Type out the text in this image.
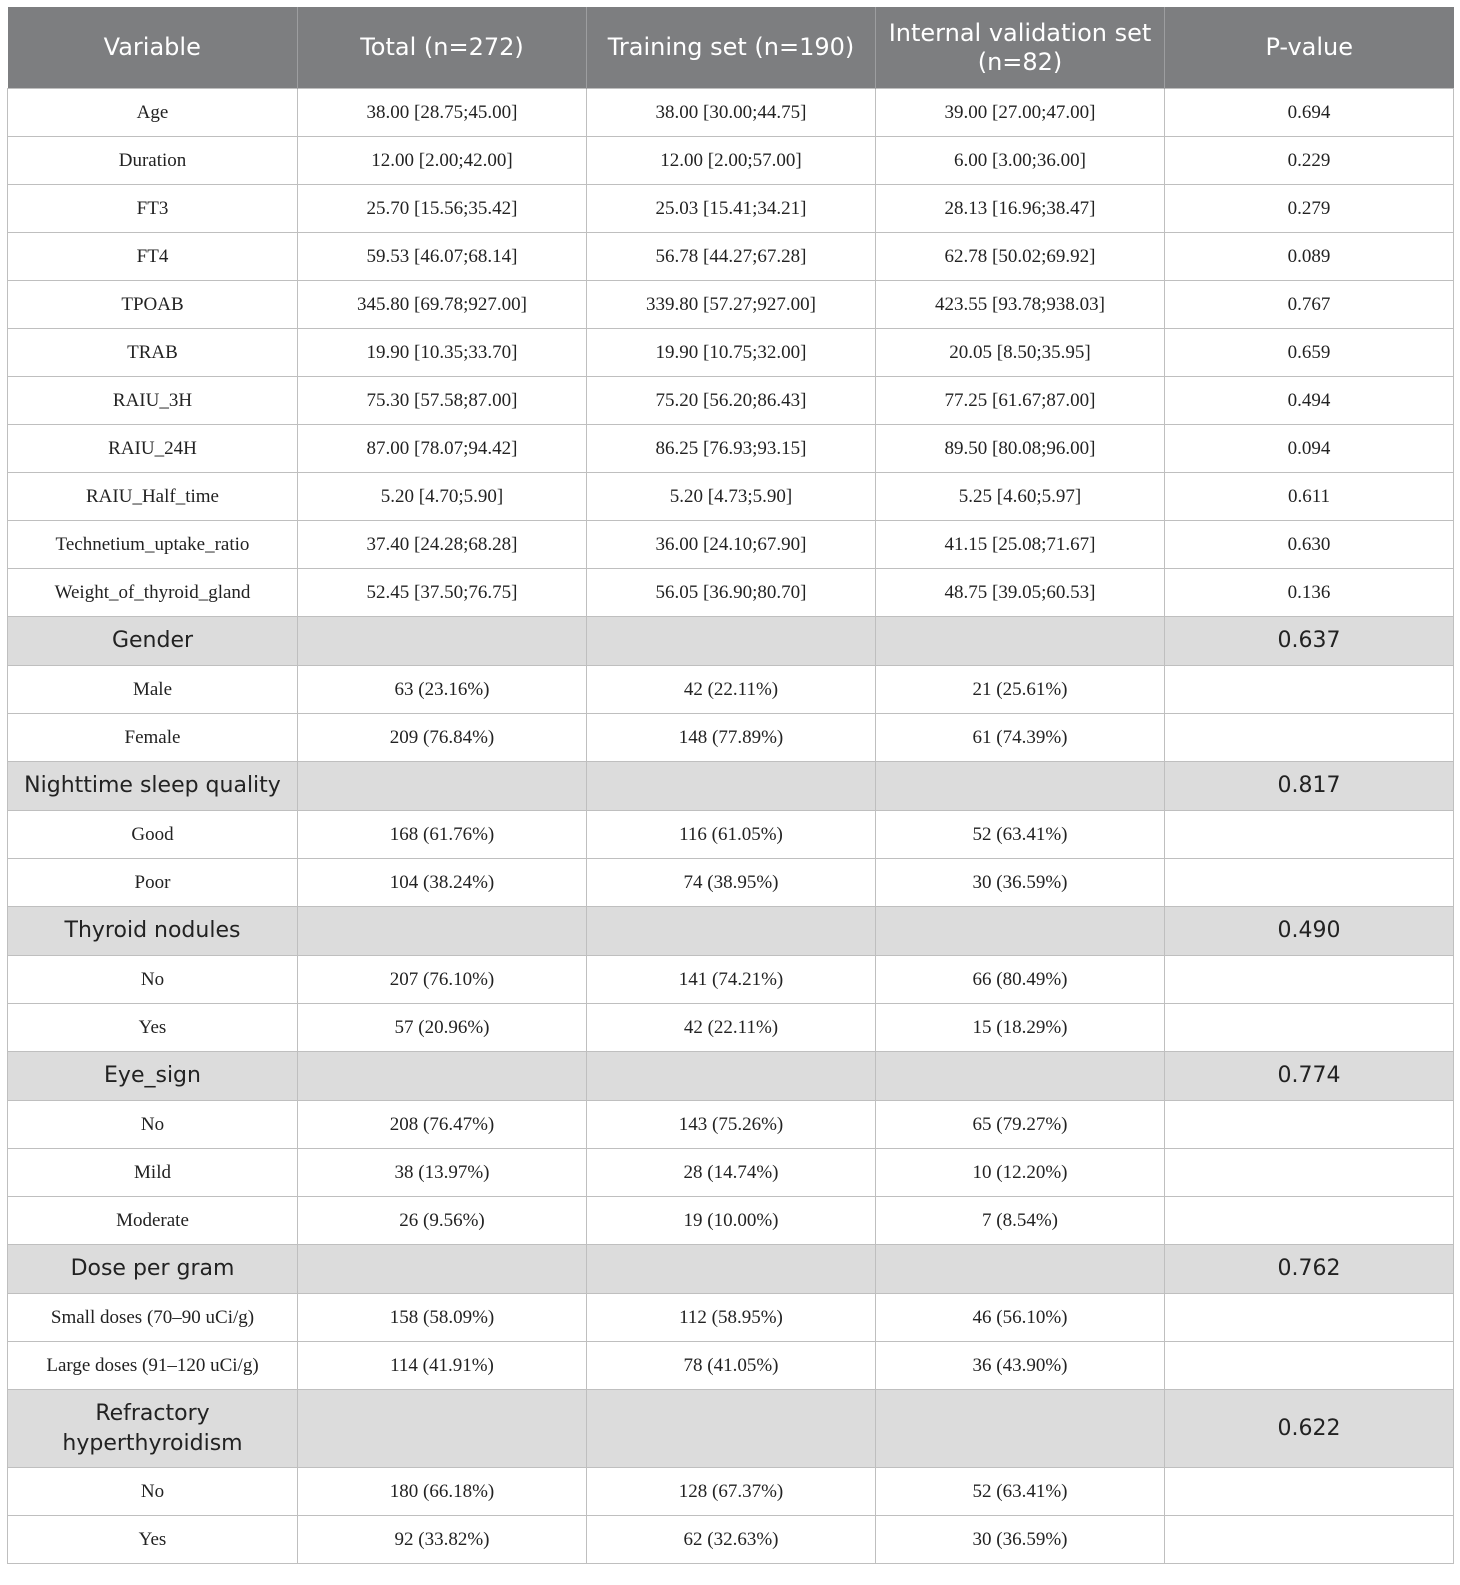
Variable	Total (n=272)	Training set (n=190)	Internal validation set (n=82)	P-value
Age	38.00 [28.75;45.00]	38.00 [30.00;44.75]	39.00 [27.00;47.00]	0.694
Duration	12.00 [2.00;42.00]	12.00 [2.00;57.00]	6.00 [3.00;36.00]	0.229
FT3	25.70 [15.56;35.42]	25.03 [15.41;34.21]	28.13 [16.96;38.47]	0.279
FT4	59.53 [46.07;68.14]	56.78 [44.27;67.28]	62.78 [50.02;69.92]	0.089
TPOAB	345.80 [69.78;927.00]	339.80 [57.27;927.00]	423.55 [93.78;938.03]	0.767
TRAB	19.90 [10.35;33.70]	19.90 [10.75;32.00]	20.05 [8.50;35.95]	0.659
RAIU_3H	75.30 [57.58;87.00]	75.20 [56.20;86.43]	77.25 [61.67;87.00]	0.494
RAIU_24H	87.00 [78.07;94.42]	86.25 [76.93;93.15]	89.50 [80.08;96.00]	0.094
RAIU_Half_time	5.20 [4.70;5.90]	5.20 [4.73;5.90]	5.25 [4.60;5.97]	0.611
Technetium_uptake_ratio	37.40 [24.28;68.28]	36.00 [24.10;67.90]	41.15 [25.08;71.67]	0.630
Weight_of_thyroid_gland	52.45 [37.50;76.75]	56.05 [36.90;80.70]	48.75 [39.05;60.53]	0.136
Gender				0.637
Male	63 (23.16%)	42 (22.11%)	21 (25.61%)	
Female	209 (76.84%)	148 (77.89%)	61 (74.39%)	
Nighttime sleep quality				0.817
Good	168 (61.76%)	116 (61.05%)	52 (63.41%)	
Poor	104 (38.24%)	74 (38.95%)	30 (36.59%)	
Thyroid nodules				0.490
No	207 (76.10%)	141 (74.21%)	66 (80.49%)	
Yes	57 (20.96%)	42 (22.11%)	15 (18.29%)	
Eye_sign				0.774
No	208 (76.47%)	143 (75.26%)	65 (79.27%)	
Mild	38 (13.97%)	28 (14.74%)	10 (12.20%)	
Moderate	26 (9.56%)	19 (10.00%)	7 (8.54%)	
Dose per gram				0.762
Small doses (70–90 uCi/g)	158 (58.09%)	112 (58.95%)	46 (56.10%)	
Large doses (91–120 uCi/g)	114 (41.91%)	78 (41.05%)	36 (43.90%)	
Refractory hyperthyroidism				0.622
No	180 (66.18%)	128 (67.37%)	52 (63.41%)	
Yes	92 (33.82%)	62 (32.63%)	30 (36.59%)	
